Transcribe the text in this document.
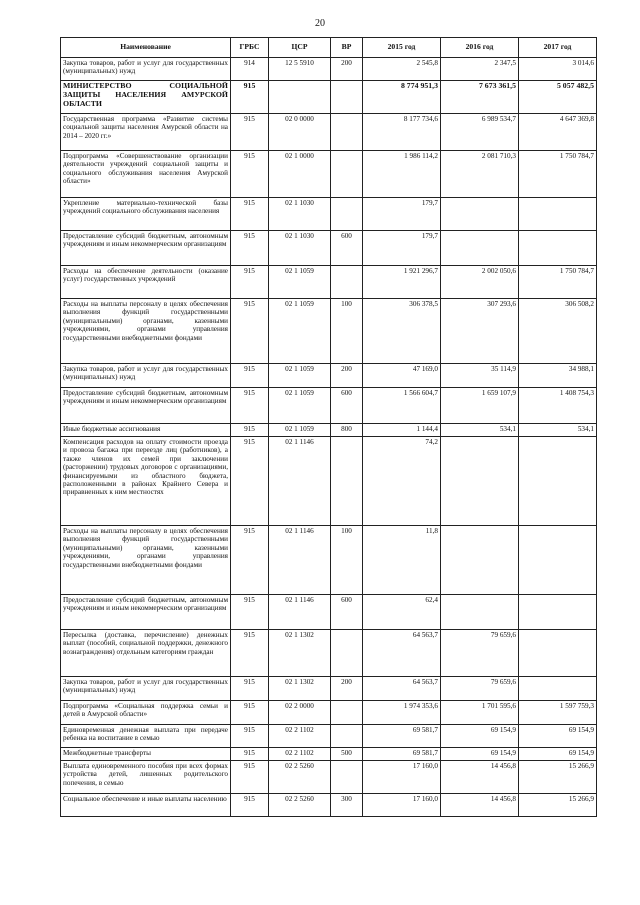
20
Наименование	ГРБС	ЦСР	ВР	2015 год	2016 год	2017 год
Закупка товаров, работ и услуг для государственных (муниципальных) нужд	914	12 5 5910	200	2 545,8	2 347,5	3 014,6
МИНИСТЕРСТВО СОЦИАЛЬНОЙ ЗАЩИТЫ НАСЕЛЕНИЯ АМУРСКОЙ ОБЛАСТИ	915			8 774 951,3	7 673 361,5	5 057 482,5
Государственная программа «Развитие системы социальной защиты населения Амурской области на 2014 – 2020 гг.»	915	02 0 0000		8 177 734,6	6 989 534,7	4 647 369,8
Подпрограмма «Совершенствование организации деятельности учреждений социальной защиты и социального обслуживания населения Амурской области»	915	02 1 0000		1 986 114,2	2 081 710,3	1 750 784,7
Укрепление материально-технической базы учреждений социального обслуживания населения	915	02 1 1030		179,7		
Предоставление субсидий бюджетным, автономным учреждениям и иным некоммерческим организациям	915	02 1 1030	600	179,7		
Расходы на обеспечение деятельности (оказание услуг) государственных учреждений	915	02 1 1059		1 921 296,7	2 002 050,6	1 750 784,7
Расходы на выплаты персоналу в целях обеспечения выполнения функций государственными (муниципальными) органами, казенными учреждениями, органами управления государственными внебюджетными фондами	915	02 1 1059	100	306 378,5	307 293,6	306 508,2
Закупка товаров, работ и услуг для государственных (муниципальных) нужд	915	02 1 1059	200	47 169,0	35 114,9	34 988,1
Предоставление субсидий бюджетным, автономным учреждениям и иным некоммерческим организациям	915	02 1 1059	600	1 566 604,7	1 659 107,9	1 408 754,3
Иные бюджетные ассигнования	915	02 1 1059	800	1 144,4	534,1	534,1
Компенсация расходов на оплату стоимости проезда и провоза багажа при переезде лиц (работников), а также членов их семей при заключении (расторжении) трудовых договоров с организациями, финансируемыми из областного бюджета, расположенными в районах Крайнего Севера и приравненных к ним местностях	915	02 1 1146		74,2		
Расходы на выплаты персоналу в целях обеспечения выполнения функций государственными (муниципальными) органами, казенными учреждениями, органами управления государственными внебюджетными фондами	915	02 1 1146	100	11,8		
Предоставление субсидий бюджетным, автономным учреждениям и иным некоммерческим организациям	915	02 1 1146	600	62,4		
Пересылка (доставка, перечисление) денежных выплат (пособий, социальной поддержки, денежного вознаграждения) отдельным категориям граждан	915	02 1 1302		64 563,7	79 659,6	
Закупка товаров, работ и услуг для государственных (муниципальных) нужд	915	02 1 1302	200	64 563,7	79 659,6	
Подпрограмма «Социальная поддержка семьи и детей в Амурской области»	915	02 2 0000		1 974 353,6	1 701 595,6	1 597 759,3
Единовременная денежная выплата при передаче ребенка на воспитание в семью	915	02 2 1102		69 581,7	69 154,9	69 154,9
Межбюджетные трансферты	915	02 2 1102	500	69 581,7	69 154,9	69 154,9
Выплата единовременного пособия при всех формах устройства детей, лишенных родительского попечения, в семью	915	02 2 5260		17 160,0	14 456,8	15 266,9
Социальное обеспечение и иные выплаты населению	915	02 2 5260	300	17 160,0	14 456,8	15 266,9
